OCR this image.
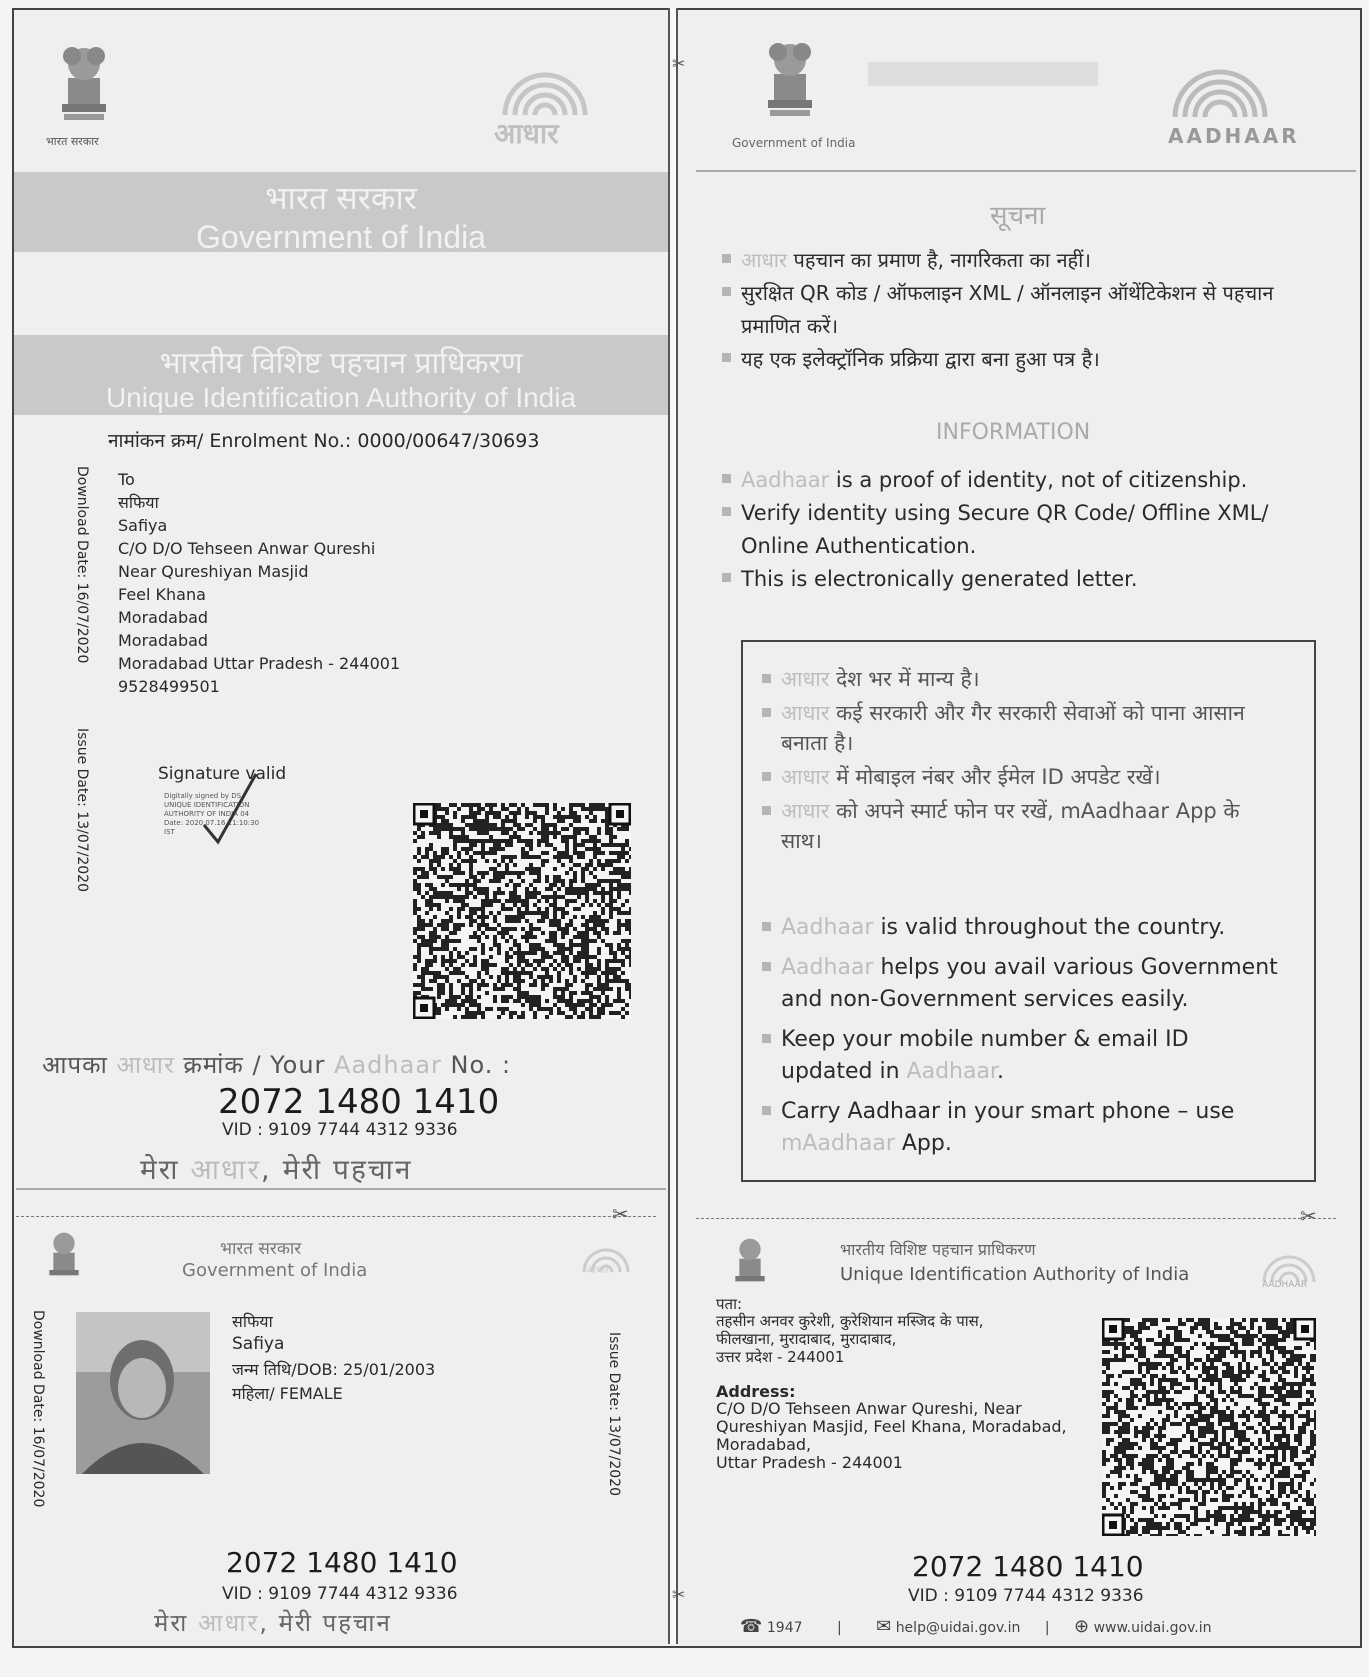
भारत सरकार	आधार
भारत सरकार
Government of India
भारतीय विशिष्ट पहचान प्राधिकरण
Unique Identification Authority of India
नामांकन क्रम/ Enrolment No.: 0000/00647/30693
Download Date: 16/07/2020
Issue Date: 13/07/2020
To
सफिया
Safiya
C/O D/O Tehseen Anwar Qureshi
Near Qureshiyan Masjid
Feel Khana
Moradabad
Moradabad
Moradabad Uttar Pradesh - 244001
9528499501
Signature valid
Digitally signed by DS
UNIQUE IDENTIFICATION
AUTHORITY OF INDIA 04
Date: 2020.07.16 11:10:30
IST
आपका आधार क्रमांक / Your Aadhaar No. :
2072 1480 1410
VID : 9109 7744 4312 9336
मेरा आधार, मेरी पहचान
Government of India	AADHAAR
सूचना
आधार पहचान का प्रमाण है, नागरिकता का नहीं।
सुरक्षित QR कोड / ऑफलाइन XML / ऑनलाइन ऑथेंटिकेशन से पहचान प्रमाणित करें।
यह एक इलेक्ट्रॉनिक प्रक्रिया द्वारा बना हुआ पत्र है।
INFORMATION
Aadhaar is a proof of identity, not of citizenship.
Verify identity using Secure QR Code/ Offline XML/ Online Authentication.
This is electronically generated letter.
आधार देश भर में मान्य है।
आधार कई सरकारी और गैर सरकारी सेवाओं को पाना आसान बनाता है।
आधार में मोबाइल नंबर और ईमेल ID अपडेट रखें।
आधार को अपने स्मार्ट फोन पर रखें, mAadhaar App के साथ।
Aadhaar is valid throughout the country.
Aadhaar helps you avail various Government and non-Government services easily.
Keep your mobile number & email ID updated in Aadhaar.
Carry Aadhaar in your smart phone – use mAadhaar App.
✂	✂
✂
✂
भारत सरकार
Government of India	आधार
Download Date: 16/07/2020	Issue Date: 13/07/2020
सफिया
Safiya
जन्म तिथि/DOB: 25/01/2003
महिला/ FEMALE
2072 1480 1410
VID : 9109 7744 4312 9336
मेरा आधार, मेरी पहचान
भारतीय विशिष्ट पहचान प्राधिकरण
Unique Identification Authority of India	AADHAAR
पता:
तहसीन अनवर कुरेशी, कुरेशियान मस्जिद के पास,
फीलखाना, मुरादाबाद, मुरादाबाद,
उत्तर प्रदेश - 244001
Address:
C/O D/O Tehseen Anwar Qureshi, Near
Qureshiyan Masjid, Feel Khana, Moradabad,
Moradabad,
Uttar Pradesh - 244001
2072 1480 1410
VID : 9109 7744 4312 9336
☎ 1947 | ✉ help@uidai.gov.in | ⊕ www.uidai.gov.in
